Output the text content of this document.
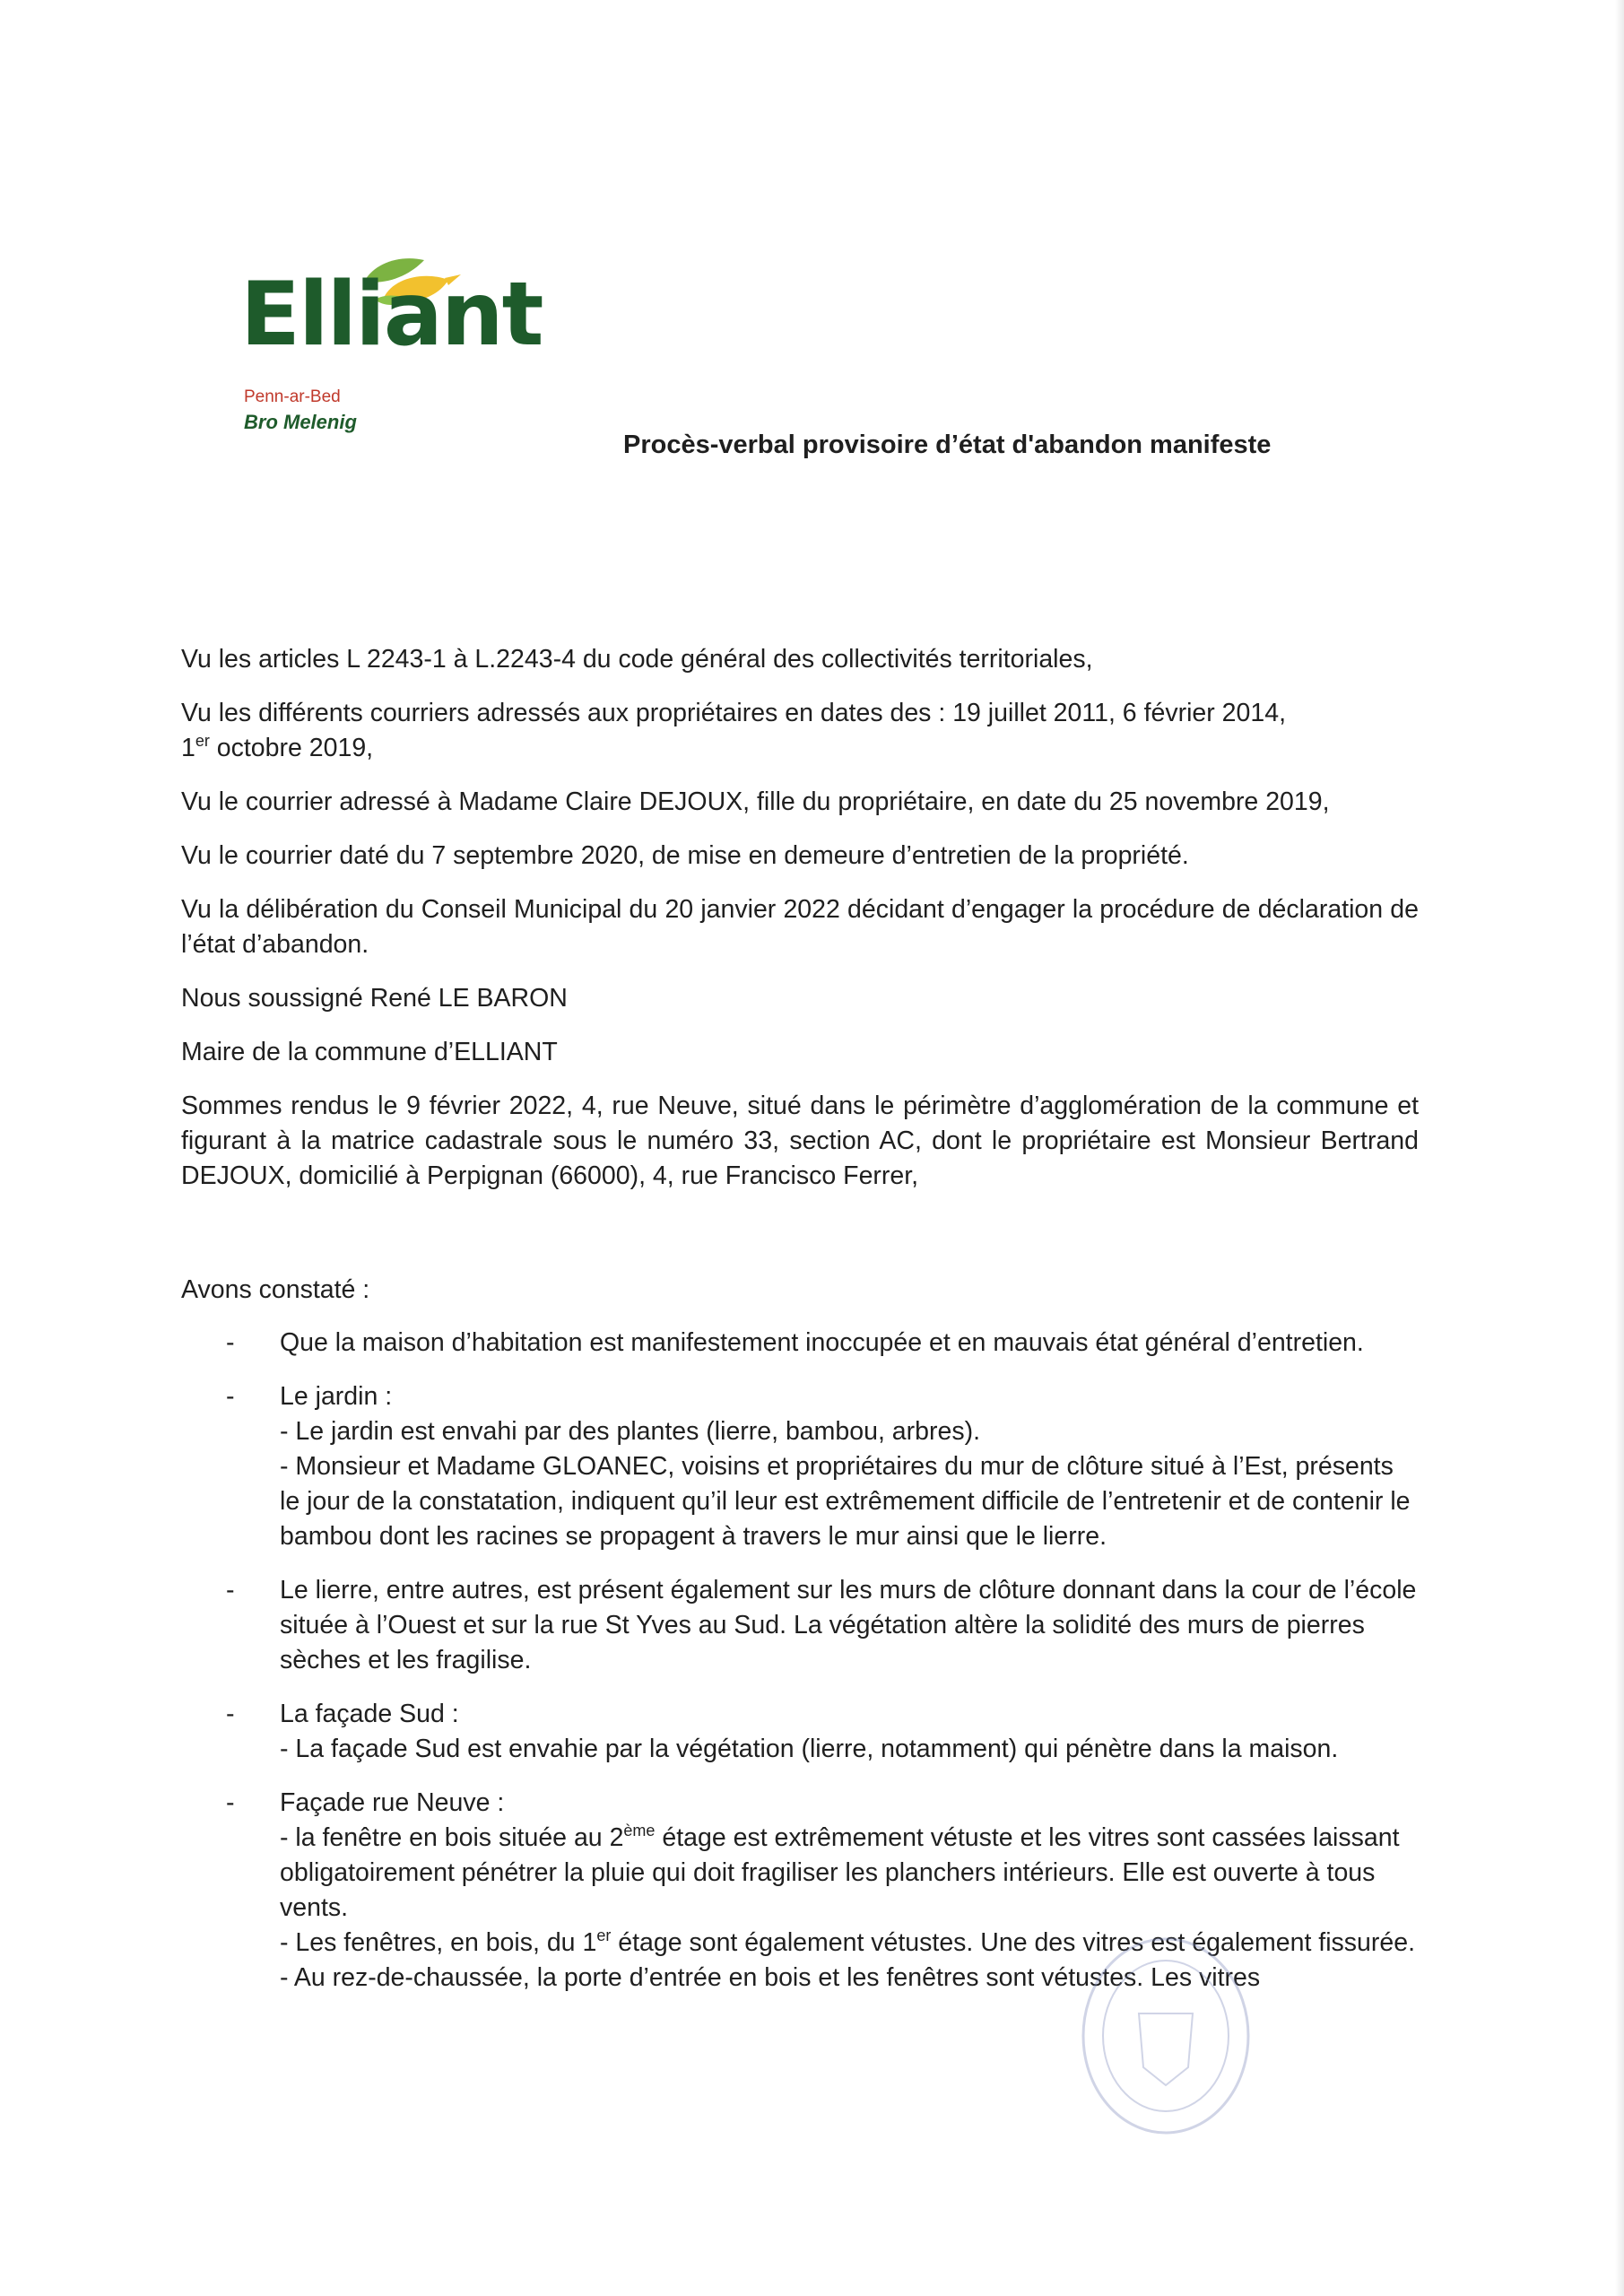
Elliant
Penn-ar-Bed
Bro Melenig
Procès-verbal provisoire d’état d'abandon manifeste

Vu les articles L 2243-1 à L.2243-4 du code général des collectivités territoriales,

Vu les différents courriers adressés aux propriétaires en dates des : 19 juillet 2011, 6 février 2014,
1er octobre 2019,

Vu le courrier adressé à Madame Claire DEJOUX, fille du propriétaire, en date du 25 novembre 2019,

Vu le courrier daté du 7 septembre 2020, de mise en demeure d’entretien de la propriété.

Vu la délibération du Conseil Municipal du 20 janvier 2022 décidant d’engager la procédure de déclaration de l’état d’abandon.

Nous soussigné René LE BARON

Maire de la commune d’ELLIANT

Sommes rendus le 9 février 2022, 4, rue Neuve, situé dans le périmètre d’agglomération de la commune et figurant à la matrice cadastrale sous le numéro 33, section AC, dont le propriétaire est Monsieur Bertrand DEJOUX, domicilié à Perpignan (66000), 4, rue Francisco Ferrer,

Avons constaté :

- Que la maison d’habitation est manifestement inoccupée et en mauvais état général d’entretien.
- Le jardin :
- Le jardin est envahi par des plantes (lierre, bambou, arbres).
- Monsieur et Madame GLOANEC, voisins et propriétaires du mur de clôture situé à l’Est, présents le jour de la constatation, indiquent qu’il leur est extrêmement difficile de l’entretenir et de contenir le bambou dont les racines se propagent à travers le mur ainsi que le lierre.
- Le lierre, entre autres, est présent également sur les murs de clôture donnant dans la cour de l’école située à l’Ouest et sur la rue St Yves au Sud. La végétation altère la solidité des murs de pierres sèches et les fragilise.
- La façade Sud :
- La façade Sud est envahie par la végétation (lierre, notamment) qui pénètre dans la maison.
- Façade rue Neuve :
- la fenêtre en bois située au 2ème étage est extrêmement vétuste et les vitres sont cassées laissant obligatoirement pénétrer la pluie qui doit fragiliser les planchers intérieurs. Elle est ouverte à tous vents.
- Les fenêtres, en bois, du 1er étage sont également vétustes. Une des vitres est également fissurée.
- Au rez-de-chaussée, la porte d’entrée en bois et les fenêtres sont vétustes. Les vitres
